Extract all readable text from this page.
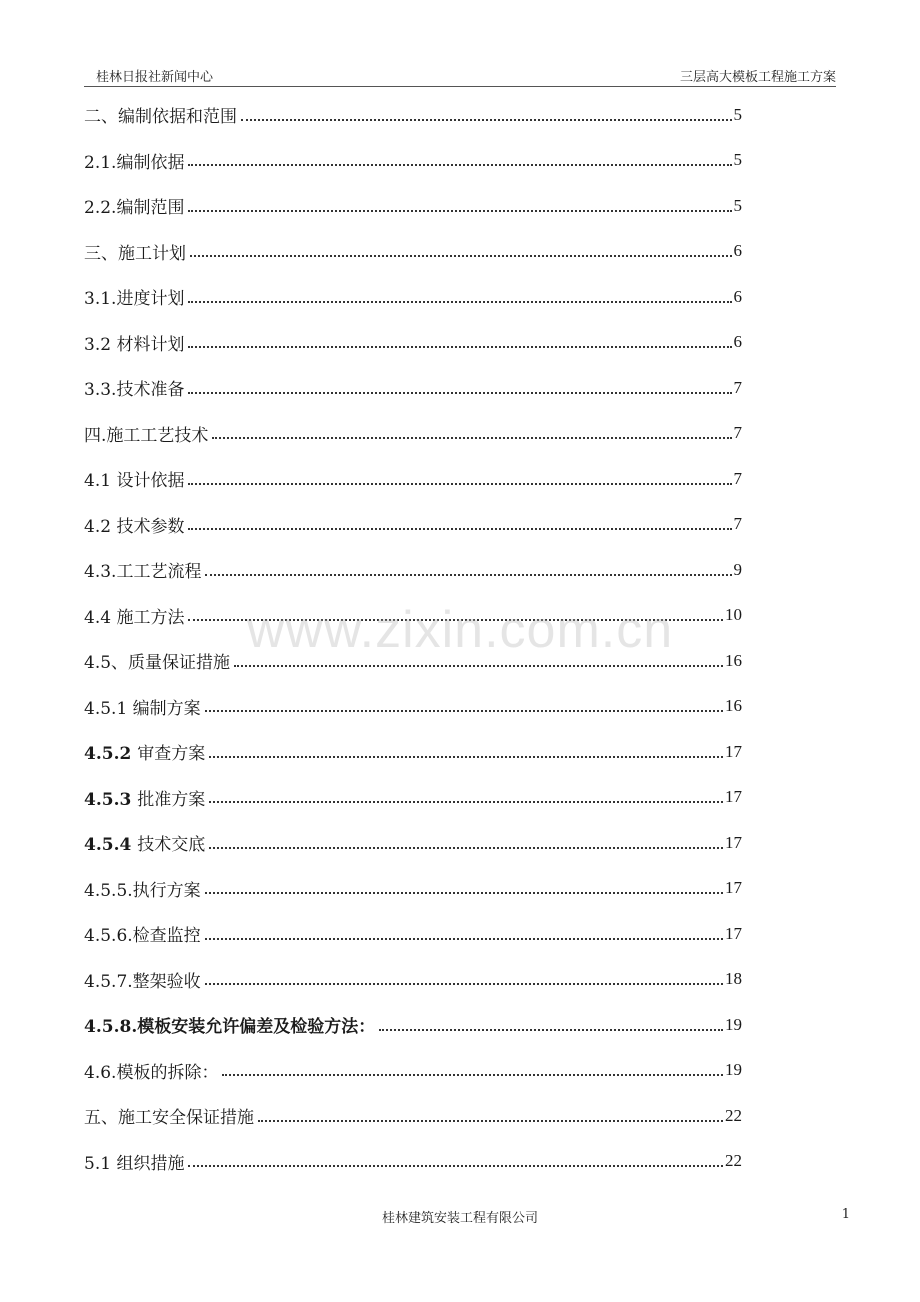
桂林日报社新闻中心	三层高大模板工程施工方案
二、编制依据和范围	5
2.1.编制依据	5
2.2.编制范围	5
三、施工计划	6
3.1.进度计划	6
3.2 材料计划	6
3.3.技术准备	7
四.施工工艺技术	7
4.1 设计依据	7
4.2 技术参数	7
4.3.工工艺流程	9
4.4 施工方法	10
4.5、质量保证措施	16
4.5.1 编制方案	16
4.5.2 审查方案	17
4.5.3 批准方案	17
4.5.4 技术交底	17
4.5.5.执行方案	17
4.5.6.检查监控	17
4.5.7.整架验收	18
4.5.8.模板安装允许偏差及检验方法：	19
4.6.模板的拆除：	19
五、施工安全保证措施	22
5.1 组织措施	22
www.zixin.com.cn
桂林建筑安装工程有限公司	1
